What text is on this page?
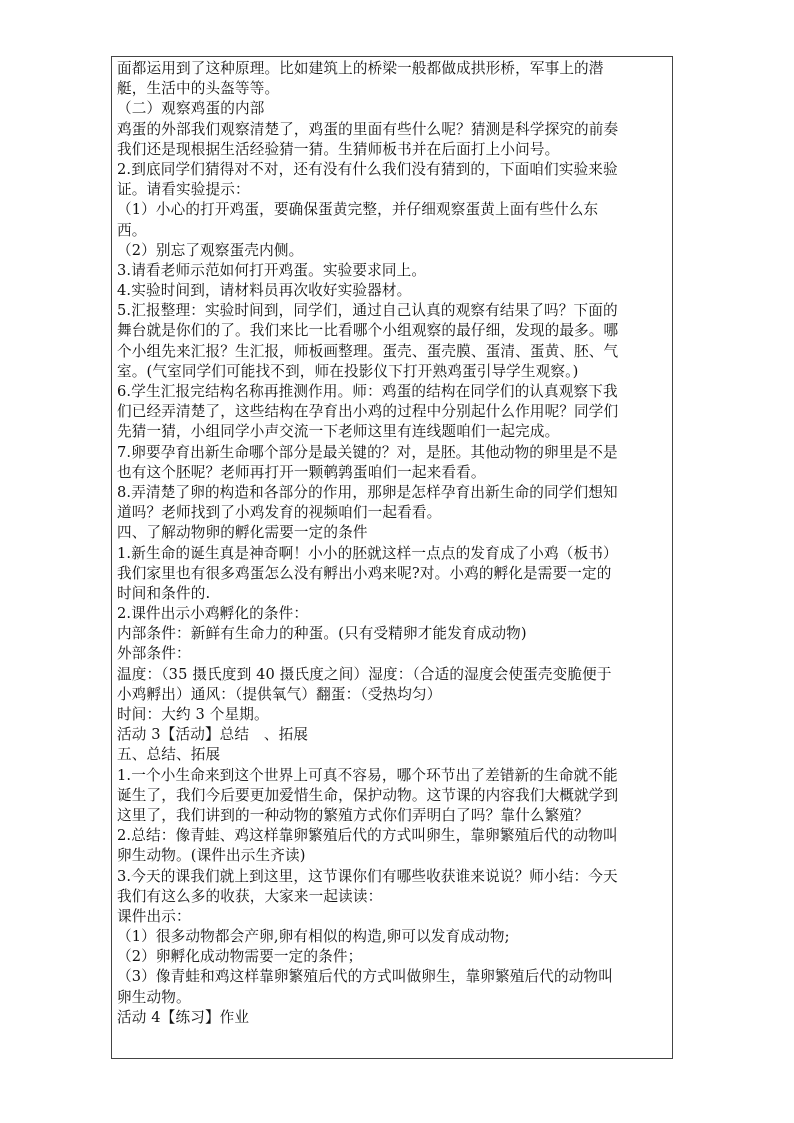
面都运用到了这种原理。比如建筑上的桥梁一般都做成拱形桥，军事上的潜
艇，生活中的头盔等等。
（二）观察鸡蛋的内部
鸡蛋的外部我们观察清楚了，鸡蛋的里面有些什么呢？猜测是科学探究的前奏
我们还是现根据生活经验猜一猜。生猜师板书并在后面打上小问号。
2.到底同学们猜得对不对，还有没有什么我们没有猜到的，下面咱们实验来验
证。请看实验提示：
（1）小心的打开鸡蛋，要确保蛋黄完整，并仔细观察蛋黄上面有些什么东
西。
（2）别忘了观察蛋壳内侧。
3.请看老师示范如何打开鸡蛋。实验要求同上。
4.实验时间到，请材料员再次收好实验器材。
5.汇报整理：实验时间到，同学们，通过自己认真的观察有结果了吗？下面的
舞台就是你们的了。我们来比一比看哪个小组观察的最仔细，发现的最多。哪
个小组先来汇报？生汇报，师板画整理。蛋壳、蛋壳膜、蛋清、蛋黄、胚、气
室。(气室同学们可能找不到，师在投影仪下打开熟鸡蛋引导学生观察。)
6.学生汇报完结构名称再推测作用。师：鸡蛋的结构在同学们的认真观察下我
们已经弄清楚了，这些结构在孕育出小鸡的过程中分别起什么作用呢？同学们
先猜一猜，小组同学小声交流一下老师这里有连线题咱们一起完成。
7.卵要孕育出新生命哪个部分是最关键的？对，是胚。其他动物的卵里是不是
也有这个胚呢？老师再打开一颗鹌鹑蛋咱们一起来看看。
8.弄清楚了卵的构造和各部分的作用，那卵是怎样孕育出新生命的同学们想知
道吗？老师找到了小鸡发育的视频咱们一起看看。
四、了解动物卵的孵化需要一定的条件
1.新生命的诞生真是神奇啊！小小的胚就这样一点点的发育成了小鸡（板书）
我们家里也有很多鸡蛋怎么没有孵出小鸡来呢?对。小鸡的孵化是需要一定的
时间和条件的.
2.课件出示小鸡孵化的条件：
内部条件：新鲜有生命力的种蛋。(只有受精卵才能发育成动物)
外部条件：
温度：（35 摄氏度到 40 摄氏度之间）湿度：（合适的湿度会使蛋壳变脆便于
小鸡孵出）通风：（提供氧气）翻蛋：（受热均匀）
时间：大约 3 个星期。
活动 3【活动】总结　、拓展
五、总结、拓展
1.一个小生命来到这个世界上可真不容易，哪个环节出了差错新的生命就不能
诞生了，我们今后要更加爱惜生命，保护动物。这节课的内容我们大概就学到
这里了，我们讲到的一种动物的繁殖方式你们弄明白了吗？靠什么繁殖？
2.总结：像青蛙、鸡这样靠卵繁殖后代的方式叫卵生，靠卵繁殖后代的动物叫
卵生动物。(课件出示生齐读)
3.今天的课我们就上到这里，这节课你们有哪些收获谁来说说？师小结：今天
我们有这么多的收获，大家来一起读读：
课件出示：
（1）很多动物都会产卵,卵有相似的构造,卵可以发育成动物;
（2）卵孵化成动物需要一定的条件；
（3）像青蛙和鸡这样靠卵繁殖后代的方式叫做卵生，靠卵繁殖后代的动物叫
卵生动物。
活动 4【练习】作业
